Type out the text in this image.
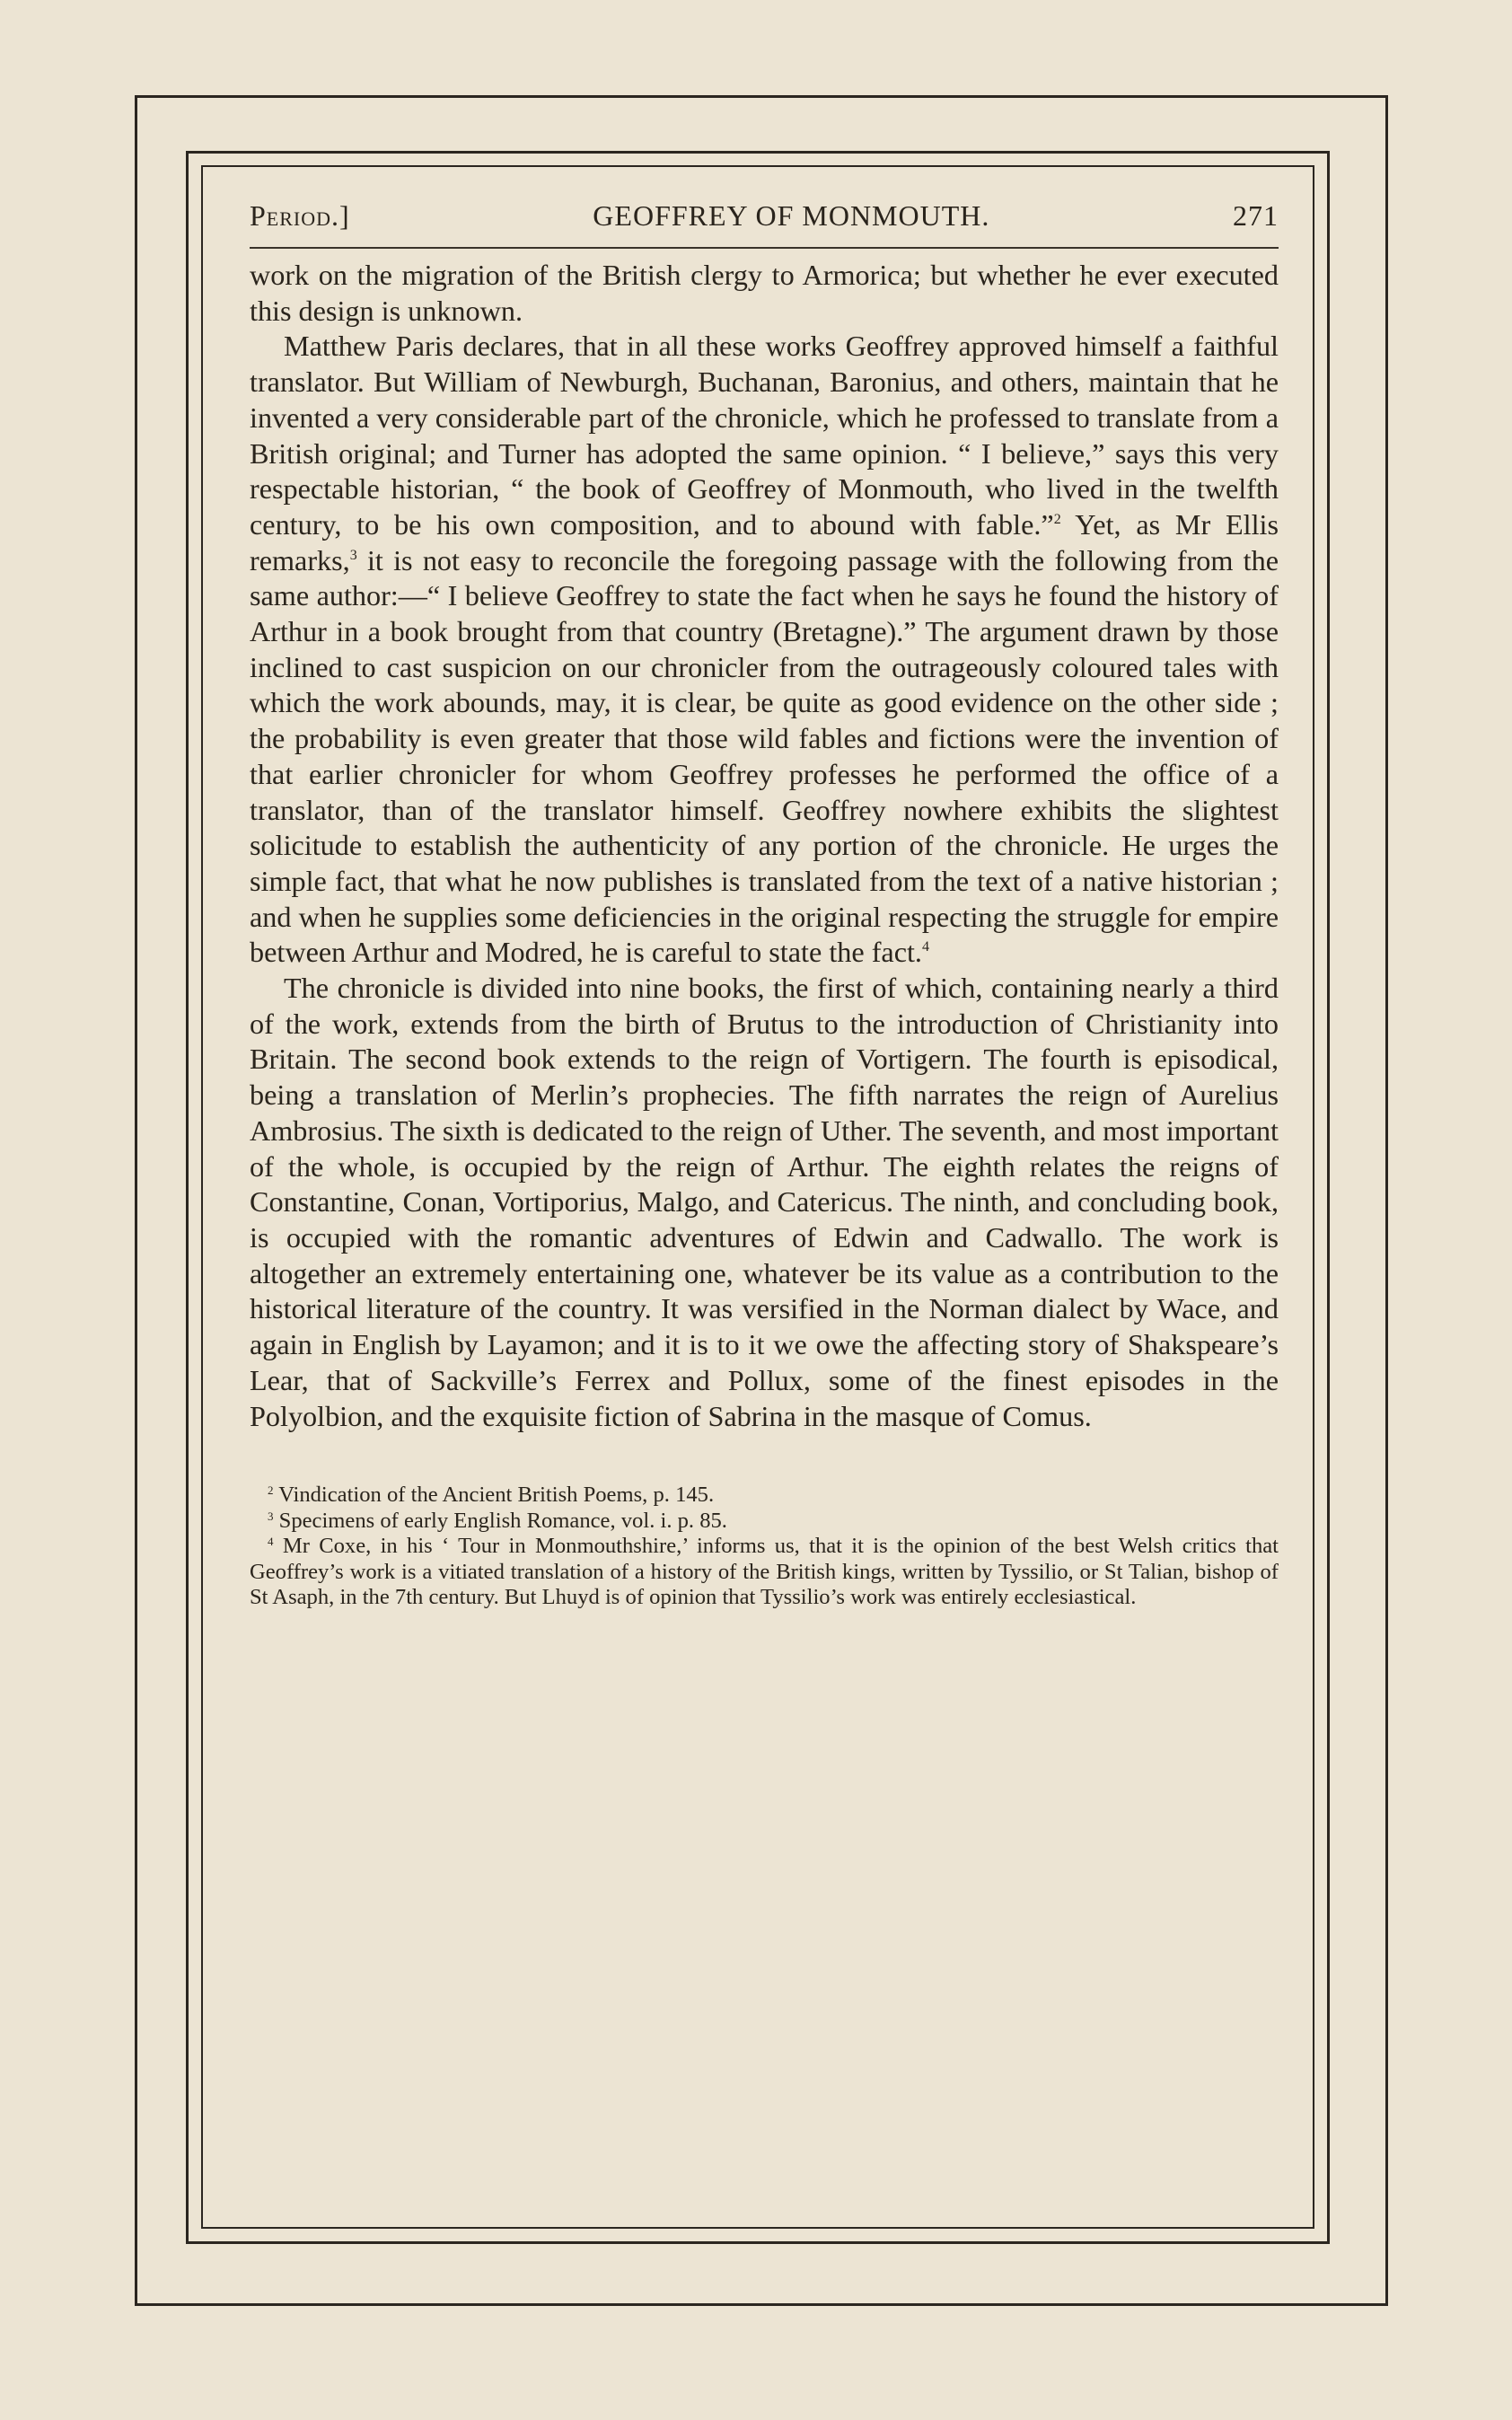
Period.]	GEOFFREY OF MONMOUTH.	271

work on the migration of the British clergy to Armorica; but whether he ever executed this design is unknown.

Matthew Paris declares, that in all these works Geoffrey approved himself a faithful translator. But William of Newburgh, Buchanan, Baronius, and others, maintain that he invented a very considerable part of the chronicle, which he professed to translate from a British original; and Turner has adopted the same opinion. “ I believe,” says this very respectable historian, “ the book of Geoffrey of Monmouth, who lived in the twelfth century, to be his own composition, and to abound with fable.”$^2$ Yet, as Mr Ellis remarks,$^3$ it is not easy to reconcile the foregoing passage with the following from the same author:—“ I believe Geoffrey to state the fact when he says he found the history of Arthur in a book brought from that country (Bretagne).” The argument drawn by those inclined to cast suspicion on our chronicler from the outrageously coloured tales with which the work abounds, may, it is clear, be quite as good evidence on the other side ; the probability is even greater that those wild fables and fictions were the invention of that earlier chronicler for whom Geoffrey professes he performed the office of a translator, than of the translator himself. Geoffrey nowhere exhibits the slightest solicitude to establish the authenticity of any portion of the chronicle. He urges the simple fact, that what he now publishes is translated from the text of a native historian ; and when he supplies some deficiencies in the original respecting the struggle for empire between Arthur and Modred, he is careful to state the fact.$^4$

The chronicle is divided into nine books, the first of which, containing nearly a third of the work, extends from the birth of Brutus to the introduction of Christianity into Britain. The second book extends to the reign of Vortigern. The fourth is episodical, being a translation of Merlin’s prophecies. The fifth narrates the reign of Aurelius Ambrosius. The sixth is dedicated to the reign of Uther. The seventh, and most important of the whole, is occupied by the reign of Arthur. The eighth relates the reigns of Constantine, Conan, Vortiporius, Malgo, and Catericus. The ninth, and concluding book, is occupied with the romantic adventures of Edwin and Cadwallo. The work is altogether an extremely entertaining one, whatever be its value as a contribution to the historical literature of the country. It was versified in the Norman dialect by Wace, and again in English by Layamon; and it is to it we owe the affecting story of Shakspeare’s Lear, that of Sackville’s Ferrex and Pollux, some of the finest episodes in the Polyolbion, and the exquisite fiction of Sabrina in the masque of Comus.

$^2$ Vindication of the Ancient British Poems, p. 145.

$^3$ Specimens of early English Romance, vol. i. p. 85.

$^4$ Mr Coxe, in his ‘ Tour in Monmouthshire,’ informs us, that it is the opinion of the best Welsh critics that Geoffrey’s work is a vitiated translation of a history of the British kings, written by Tyssilio, or St Talian, bishop of St Asaph, in the 7th century. But Lhuyd is of opinion that Tyssilio’s work was entirely ecclesiastical.
